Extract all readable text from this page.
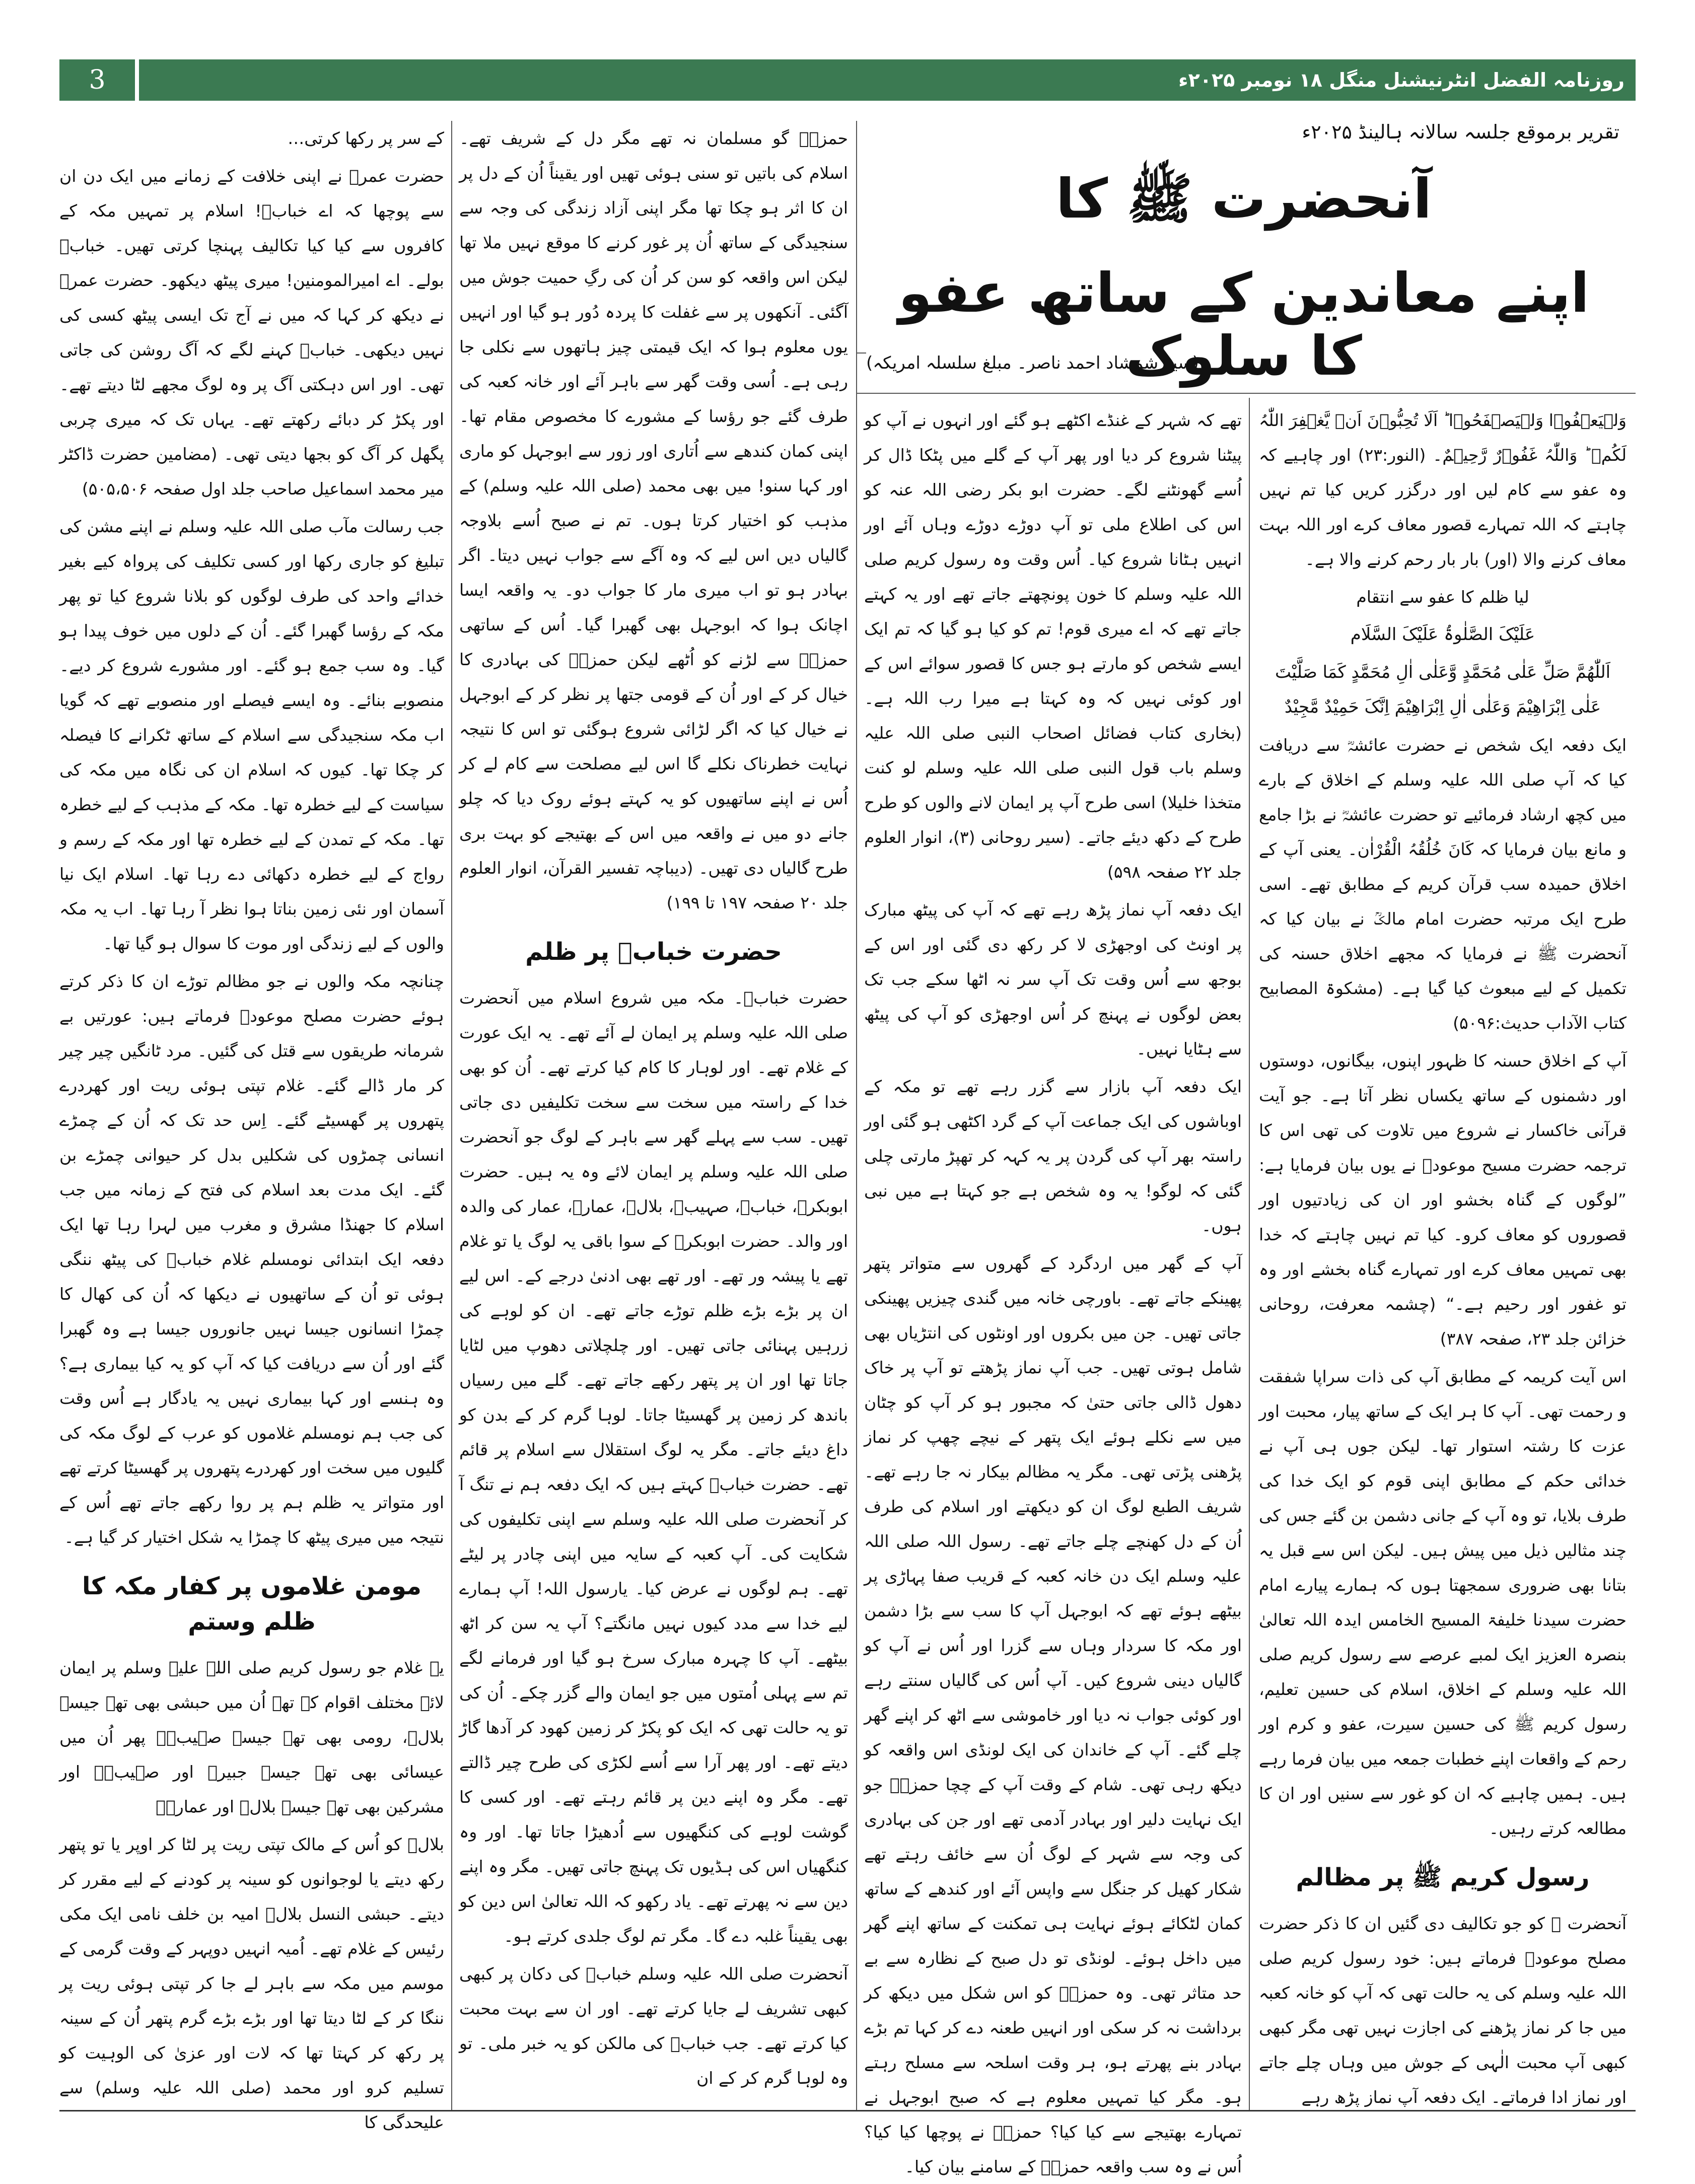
3	روزنامہ الفضل انٹرنیشنل منگل ۱۸ نومبر ۲۰۲۵ء
تقریر برموقع جلسہ سالانہ ہالینڈ ۲۰۲۵ء
آنحضرت ﷺ کا
اپنے معاندین کے ساتھ عفو کا سلوک
(سید شمشاد احمد ناصر۔ مبلغ سلسلہ امریکہ)

وَلۡیَعۡفُوۡا وَلۡیَصۡفَحُوۡا ؕ اَلَا تُحِبُّوۡنَ اَنۡ یَّغۡفِرَ اللّٰہُ لَکُمۡ ؕ وَاللّٰہُ غَفُوۡرٌ رَّحِیۡمٌ۔ (النور:۲۳) اور چاہیے کہ وہ عفو سے کام لیں اور درگزر کریں کیا تم نہیں چاہتے کہ اللہ تمہارے قصور معاف کرے اور اللہ بہت معاف کرنے والا (اور) بار بار رحم کرنے والا ہے۔

لیا ظلم کا عفو سے انتقام

عَلَیْکَ الصَّلٰوۃُ عَلَیْکَ السَّلَام

اَللّٰھُمَّ صَلِّ عَلٰی مُحَمَّدٍ وَّعَلٰی اٰلِ مُحَمَّدٍ کَمَا صَلَّیْتَ عَلٰی اِبْرَاھِیْمَ وَعَلٰی اٰلِ اِبْرَاھِیْمَ اِنَّکَ حَمِیْدٌ مَّجِیْدٌ

ایک دفعہ ایک شخص نے حضرت عائشہؓ سے دریافت کیا کہ آپ صلی اللہ علیہ وسلم کے اخلاق کے بارے میں کچھ ارشاد فرمائیے تو حضرت عائشہؓ نے بڑا جامع و مانع بیان فرمایا کہ کَانَ خُلُقُہُ الْقُرْاٰن۔ یعنی آپ کے اخلاق حمیدہ سب قرآن کریم کے مطابق تھے۔ اسی طرح ایک مرتبہ حضرت امام مالکؒ نے بیان کیا کہ آنحضرت ﷺ نے فرمایا کہ مجھے اخلاق حسنہ کی تکمیل کے لیے مبعوث کیا گیا ہے۔ (مشکوۃ المصابیح کتاب الآداب حدیث:۵۰۹۶)

آپ کے اخلاق حسنہ کا ظہور اپنوں، بیگانوں، دوستوں اور دشمنوں کے ساتھ یکساں نظر آتا ہے۔ جو آیت قرآنی خاکسار نے شروع میں تلاوت کی تھی اس کا ترجمہ حضرت مسیح موعودؑ نے یوں بیان فرمایا ہے: ”لوگوں کے گناہ بخشو اور ان کی زیادتیوں اور قصوروں کو معاف کرو۔ کیا تم نہیں چاہتے کہ خدا بھی تمہیں معاف کرے اور تمہارے گناہ بخشے اور وہ تو غفور اور رحیم ہے۔“ (چشمہ معرفت، روحانی خزائن جلد ۲۳، صفحہ ۳۸۷)

اس آیت کریمہ کے مطابق آپ کی ذات سراپا شفقت و رحمت تھی۔ آپ کا ہر ایک کے ساتھ پیار، محبت اور عزت کا رشتہ استوار تھا۔ لیکن جوں ہی آپ نے خدائی حکم کے مطابق اپنی قوم کو ایک خدا کی طرف بلایا، تو وہ آپ کے جانی دشمن بن گئے جس کی چند مثالیں ذیل میں پیش ہیں۔ لیکن اس سے قبل یہ بتانا بھی ضروری سمجھتا ہوں کہ ہمارے پیارے امام حضرت سیدنا خلیفۃ المسیح الخامس ایدہ اللہ تعالیٰ بنصرہ العزیز ایک لمبے عرصے سے رسول کریم صلی اللہ علیہ وسلم کے اخلاق، اسلام کی حسین تعلیم، رسول کریم ﷺ کی حسین سیرت، عفو و کرم اور رحم کے واقعات اپنے خطبات جمعہ میں بیان فرما رہے ہیں۔ ہمیں چاہیے کہ ان کو غور سے سنیں اور ان کا مطالعہ کرتے رہیں۔

رسول کریم ﷺ پر مظالم

آنحضرت ﷺ کو جو تکالیف دی گئیں ان کا ذکر حضرت مصلح موعودؓ فرماتے ہیں: خود رسول کریم صلی اللہ علیہ وسلم کی یہ حالت تھی کہ آپ کو خانہ کعبہ میں جا کر نماز پڑھنے کی اجازت نہیں تھی مگر کبھی کبھی آپ محبت الٰہی کے جوش میں وہاں چلے جاتے اور نماز ادا فرماتے۔ ایک دفعہ آپ نماز پڑھ رہے

تھے کہ شہر کے غنڈے اکٹھے ہو گئے اور انہوں نے آپ کو پیٹنا شروع کر دیا اور پھر آپ کے گلے میں پٹکا ڈال کر اُسے گھونٹنے لگے۔ حضرت ابو بکر رضی اللہ عنہ کو اس کی اطلاع ملی تو آپ دوڑے دوڑے وہاں آئے اور انہیں ہٹانا شروع کیا۔ اُس وقت وہ رسول کریم صلی اللہ علیہ وسلم کا خون پونچھتے جاتے تھے اور یہ کہتے جاتے تھے کہ اے میری قوم! تم کو کیا ہو گیا کہ تم ایک ایسے شخص کو مارتے ہو جس کا قصور سوائے اس کے اور کوئی نہیں کہ وہ کہتا ہے میرا رب اللہ ہے۔ (بخاری کتاب فضائل اصحاب النبی صلی اللہ علیہ وسلم باب قول النبی صلی اللہ علیہ وسلم لو کنت متخذا خلیلا) اسی طرح آپ پر ایمان لانے والوں کو طرح طرح کے دکھ دیئے جاتے۔ (سیر روحانی (۳)، انوار العلوم جلد ۲۲ صفحہ ۵۹۸)

ایک دفعہ آپ نماز پڑھ رہے تھے کہ آپ کی پیٹھ مبارک پر اونٹ کی اوجھڑی لا کر رکھ دی گئی اور اس کے بوجھ سے اُس وقت تک آپ سر نہ اٹھا سکے جب تک بعض لوگوں نے پہنچ کر اُس اوجھڑی کو آپ کی پیٹھ سے ہٹایا نہیں۔

ایک دفعہ آپ بازار سے گزر رہے تھے تو مکہ کے اوباشوں کی ایک جماعت آپ کے گرد اکٹھی ہو گئی اور راستہ بھر آپ کی گردن پر یہ کہہ کر تھپڑ مارتی چلی گئی کہ لوگو! یہ وہ شخص ہے جو کہتا ہے میں نبی ہوں۔

آپ کے گھر میں اردگرد کے گھروں سے متواتر پتھر پھینکے جاتے تھے۔ باورچی خانہ میں گندی چیزیں پھینکی جاتی تھیں۔ جن میں بکروں اور اونٹوں کی انتڑیاں بھی شامل ہوتی تھیں۔ جب آپ نماز پڑھتے تو آپ پر خاک دھول ڈالی جاتی حتیٰ کہ مجبور ہو کر آپ کو چٹان میں سے نکلے ہوئے ایک پتھر کے نیچے چھپ کر نماز پڑھنی پڑتی تھی۔ مگر یہ مظالم بیکار نہ جا رہے تھے۔ شریف الطبع لوگ ان کو دیکھتے اور اسلام کی طرف اُن کے دل کھنچے چلے جاتے تھے۔ رسول اللہ صلی اللہ علیہ وسلم ایک دن خانہ کعبہ کے قریب صفا پہاڑی پر بیٹھے ہوئے تھے کہ ابوجہل آپ کا سب سے بڑا دشمن اور مکہ کا سردار وہاں سے گزرا اور اُس نے آپ کو گالیاں دینی شروع کیں۔ آپ اُس کی گالیاں سنتے رہے اور کوئی جواب نہ دیا اور خاموشی سے اٹھ کر اپنے گھر چلے گئے۔ آپ کے خاندان کی ایک لونڈی اس واقعہ کو دیکھ رہی تھی۔ شام کے وقت آپ کے چچا حمزہؓ جو ایک نہایت دلیر اور بہادر آدمی تھے اور جن کی بہادری کی وجہ سے شہر کے لوگ اُن سے خائف رہتے تھے شکار کھیل کر جنگل سے واپس آئے اور کندھے کے ساتھ کمان لٹکائے ہوئے نہایت ہی تمکنت کے ساتھ اپنے گھر میں داخل ہوئے۔ لونڈی تو دل صبح کے نظارہ سے بے حد متاثر تھی۔ وہ حمزہؓ کو اس شکل میں دیکھ کر برداشت نہ کر سکی اور انہیں طعنہ دے کر کہا تم بڑے بہادر بنے پھرتے ہو، ہر وقت اسلحہ سے مسلح رہتے ہو۔ مگر کیا تمہیں معلوم ہے کہ صبح ابوجہل نے تمہارے بھتیجے سے کیا کیا؟ حمزہؓ نے پوچھا کیا کیا؟ اُس نے وہ سب واقعہ حمزہؓ کے سامنے بیان کیا۔

حمزہؓ گو مسلمان نہ تھے مگر دل کے شریف تھے۔ اسلام کی باتیں تو سنی ہوئی تھیں اور یقیناً اُن کے دل پر ان کا اثر ہو چکا تھا مگر اپنی آزاد زندگی کی وجہ سے سنجیدگی کے ساتھ اُن پر غور کرنے کا موقع نہیں ملا تھا لیکن اس واقعہ کو سن کر اُن کی رگِ حمیت جوش میں آگئی۔ آنکھوں پر سے غفلت کا پردہ دُور ہو گیا اور انہیں یوں معلوم ہوا کہ ایک قیمتی چیز ہاتھوں سے نکلی جا رہی ہے۔ اُسی وقت گھر سے باہر آئے اور خانہ کعبہ کی طرف گئے جو رؤسا کے مشورے کا مخصوص مقام تھا۔ اپنی کمان کندھے سے اُتاری اور زور سے ابوجہل کو ماری اور کہا سنو! میں بھی محمد (صلی اللہ علیہ وسلم) کے مذہب کو اختیار کرتا ہوں۔ تم نے صبح اُسے بلاوجہ گالیاں دیں اس لیے کہ وہ آگے سے جواب نہیں دیتا۔ اگر بہادر ہو تو اب میری مار کا جواب دو۔ یہ واقعہ ایسا اچانک ہوا کہ ابوجہل بھی گھبرا گیا۔ اُس کے ساتھی حمزہؓ سے لڑنے کو اُٹھے لیکن حمزہؓ کی بہادری کا خیال کر کے اور اُن کے قومی جتھا پر نظر کر کے ابوجہل نے خیال کیا کہ اگر لڑائی شروع ہوگئی تو اس کا نتیجہ نہایت خطرناک نکلے گا اس لیے مصلحت سے کام لے کر اُس نے اپنے ساتھیوں کو یہ کہتے ہوئے روک دیا کہ چلو جانے دو میں نے واقعہ میں اس کے بھتیجے کو بہت بری طرح گالیاں دی تھیں۔ (دیباچہ تفسیر القرآن، انوار العلوم جلد ۲۰ صفحہ ۱۹۷ تا ۱۹۹)

حضرت خبابؓ پر ظلم

حضرت خبابؓ۔ مکہ میں شروع اسلام میں آنحضرت صلی اللہ علیہ وسلم پر ایمان لے آئے تھے۔ یہ ایک عورت کے غلام تھے۔ اور لوہار کا کام کیا کرتے تھے۔ اُن کو بھی خدا کے راستہ میں سخت سے سخت تکلیفیں دی جاتی تھیں۔ سب سے پہلے گھر سے باہر کے لوگ جو آنحضرت صلی اللہ علیہ وسلم پر ایمان لائے وہ یہ ہیں۔ حضرت ابوبکرؓ، خبابؓ، صہیبؓ، بلالؓ، عمارؓ، عمار کی والدہ اور والد۔ حضرت ابوبکرؓ کے سوا باقی یہ لوگ یا تو غلام تھے یا پیشہ ور تھے۔ اور تھے بھی ادنیٰ درجے کے۔ اس لیے ان پر بڑے بڑے ظلم توڑے جاتے تھے۔ ان کو لوہے کی زرہیں پہنائی جاتی تھیں۔ اور چلچلاتی دھوپ میں لٹایا جاتا تھا اور ان پر پتھر رکھے جاتے تھے۔ گلے میں رسیاں باندھ کر زمین پر گھسیٹا جاتا۔ لوہا گرم کر کے بدن کو داغ دیئے جاتے۔ مگر یہ لوگ استقلال سے اسلام پر قائم تھے۔ حضرت خبابؓ کہتے ہیں کہ ایک دفعہ ہم نے تنگ آ کر آنحضرت صلی اللہ علیہ وسلم سے اپنی تکلیفوں کی شکایت کی۔ آپ کعبہ کے سایہ میں اپنی چادر پر لیٹے تھے۔ ہم لوگوں نے عرض کیا۔ یارسول اللہ! آپ ہمارے لیے خدا سے مدد کیوں نہیں مانگتے؟ آپ یہ سن کر اٹھ بیٹھے۔ آپ کا چہرہ مبارک سرخ ہو گیا اور فرمانے لگے تم سے پہلی اُمتوں میں جو ایمان والے گزر چکے۔ اُن کی تو یہ حالت تھی کہ ایک کو پکڑ کر زمین کھود کر آدھا گاڑ دیتے تھے۔ اور پھر آرا سے اُسے لکڑی کی طرح چیر ڈالتے تھے۔ مگر وہ اپنے دین پر قائم رہتے تھے۔ اور کسی کا گوشت لوہے کی کنگھیوں سے اُدھیڑا جاتا تھا۔ اور وہ کنگھیاں اس کی ہڈیوں تک پہنچ جاتی تھیں۔ مگر وہ اپنے دین سے نہ پھرتے تھے۔ یاد رکھو کہ اللہ تعالیٰ اس دین کو بھی یقیناً غلبہ دے گا۔ مگر تم لوگ جلدی کرتے ہو۔

آنحضرت صلی اللہ علیہ وسلم خبابؓ کی دکان پر کبھی کبھی تشریف لے جایا کرتے تھے۔ اور ان سے بہت محبت کیا کرتے تھے۔ جب خبابؓ کی مالکن کو یہ خبر ملی۔ تو وہ لوہا گرم کر کے ان

کے سر پر رکھا کرتی…

حضرت عمرؓ نے اپنی خلافت کے زمانے میں ایک دن ان سے پوچھا کہ اے خبابؓ! اسلام پر تمہیں مکہ کے کافروں سے کیا کیا تکالیف پہنچا کرتی تھیں۔ خبابؓ بولے۔ اے امیرالمومنین! میری پیٹھ دیکھو۔ حضرت عمرؓ نے دیکھ کر کہا کہ میں نے آج تک ایسی پیٹھ کسی کی نہیں دیکھی۔ خبابؓ کہنے لگے کہ آگ روشن کی جاتی تھی۔ اور اس دہکتی آگ پر وہ لوگ مجھے لٹا دیتے تھے۔ اور پکڑ کر دبائے رکھتے تھے۔ یہاں تک کہ میری چربی پگھل کر آگ کو بجھا دیتی تھی۔ (مضامین حضرت ڈاکٹر میر محمد اسماعیل صاحب جلد اول صفحہ ۵۰۵،۵۰۶)

جب رسالت مآب صلی اللہ علیہ وسلم نے اپنے مشن کی تبلیغ کو جاری رکھا اور کسی تکلیف کی پرواہ کیے بغیر خدائے واحد کی طرف لوگوں کو بلانا شروع کیا تو پھر مکہ کے رؤسا گھبرا گئے۔ اُن کے دلوں میں خوف پیدا ہو گیا۔ وہ سب جمع ہو گئے۔ اور مشورے شروع کر دیے۔ منصوبے بنائے۔ وہ ایسے فیصلے اور منصوبے تھے کہ گویا اب مکہ سنجیدگی سے اسلام کے ساتھ ٹکرانے کا فیصلہ کر چکا تھا۔ کیوں کہ اسلام ان کی نگاہ میں مکہ کی سیاست کے لیے خطرہ تھا۔ مکہ کے مذہب کے لیے خطرہ تھا۔ مکہ کے تمدن کے لیے خطرہ تھا اور مکہ کے رسم و رواج کے لیے خطرہ دکھائی دے رہا تھا۔ اسلام ایک نیا آسمان اور نئی زمین بناتا ہوا نظر آ رہا تھا۔ اب یہ مکہ والوں کے لیے زندگی اور موت کا سوال ہو گیا تھا۔

چنانچہ مکہ والوں نے جو مظالم توڑے ان کا ذکر کرتے ہوئے حضرت مصلح موعودؓ فرماتے ہیں: عورتیں بے شرمانہ طریقوں سے قتل کی گئیں۔ مرد ٹانگیں چیر چیر کر مار ڈالے گئے۔ غلام تپتی ہوئی ریت اور کھردرے پتھروں پر گھسیٹے گئے۔ اِس حد تک کہ اُن کے چمڑے انسانی چمڑوں کی شکلیں بدل کر حیوانی چمڑے بن گئے۔ ایک مدت بعد اسلام کی فتح کے زمانہ میں جب اسلام کا جھنڈا مشرق و مغرب میں لہرا رہا تھا ایک دفعہ ایک ابتدائی نومسلم غلام خبابؓ کی پیٹھ ننگی ہوئی تو اُن کے ساتھیوں نے دیکھا کہ اُن کی کھال کا چمڑا انسانوں جیسا نہیں جانوروں جیسا ہے وہ گھبرا گئے اور اُن سے دریافت کیا کہ آپ کو یہ کیا بیماری ہے؟ وہ ہنسے اور کہا بیماری نہیں یہ یادگار ہے اُس وقت کی جب ہم نومسلم غلاموں کو عرب کے لوگ مکہ کی گلیوں میں سخت اور کھردرے پتھروں پر گھسیٹا کرتے تھے اور متواتر یہ ظلم ہم پر روا رکھے جاتے تھے اُس کے نتیجہ میں میری پیٹھ کا چمڑا یہ شکل اختیار کر گیا ہے۔

مومن غلاموں پر کفار مکہ کا ظلم وستم

یہ غلام جو رسول کریم صلی اللہ علیہ وسلم پر ایمان لائے مختلف اقوام کے تھے اُن میں حبشی بھی تھے جیسے بلالؓ، رومی بھی تھے جیسے صہیبؓ۔ پھر اُن میں عیسائی بھی تھے جیسے جبیرؓ اور صہیبؓ۔ اور مشرکین بھی تھے جیسے بلالؓ اور عمارؓ۔

بلالؓ کو اُس کے مالک تپتی ریت پر لٹا کر اوپر یا تو پتھر رکھ دیتے یا لوجوانوں کو سینہ پر کودنے کے لیے مقرر کر دیتے۔ حبشی النسل بلالؓ امیہ بن خلف نامی ایک مکی رئیس کے غلام تھے۔ اُمیہ انہیں دوپہر کے وقت گرمی کے موسم میں مکہ سے باہر لے جا کر تپتی ہوئی ریت پر ننگا کر کے لٹا دیتا تھا اور بڑے بڑے گرم پتھر اُن کے سینہ پر رکھ کر کہتا تھا کہ لات اور عزیٰ کی الوہیت کو تسلیم کرو اور محمد (صلی اللہ علیہ وسلم) سے علیحدگی کا
